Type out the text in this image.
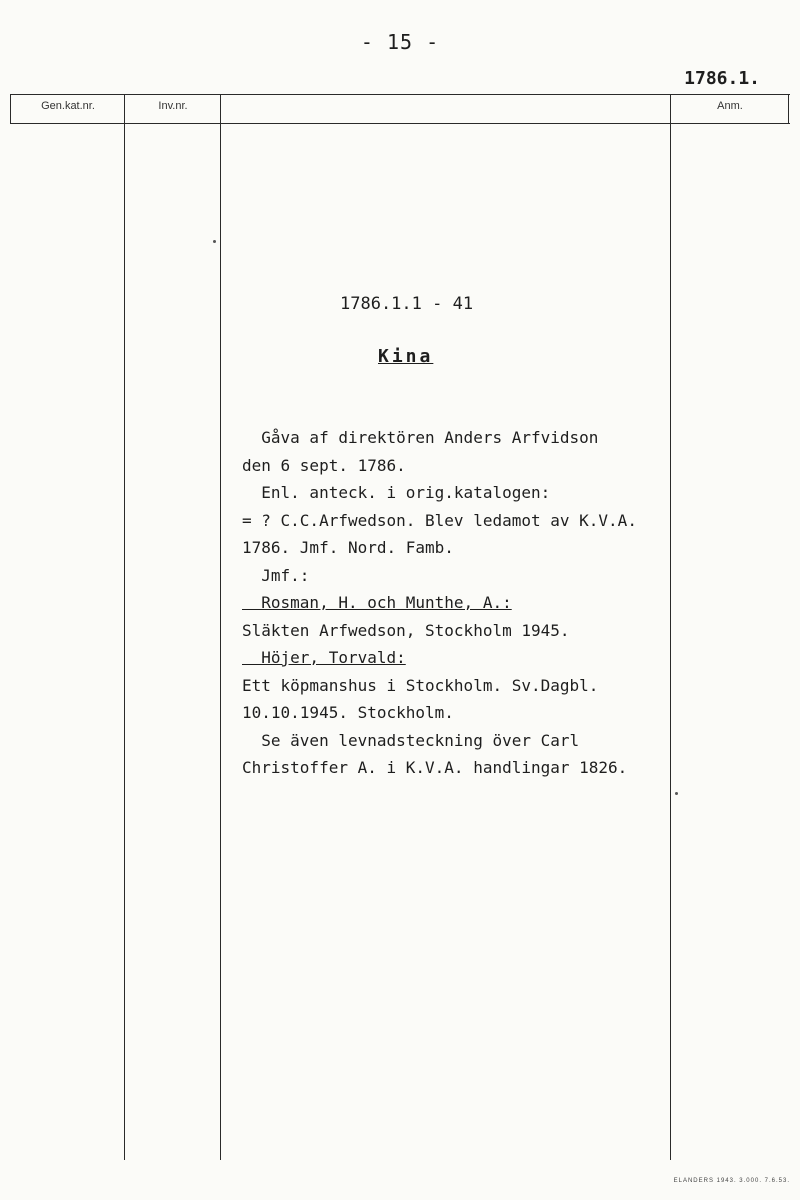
- 15 -
1786.1.
Gen.kat.nr.	Inv.nr.	Anm.
1786.1.1 - 41
Kina
Gåva af direktören Anders Arfvidson
den 6 sept. 1786.
Enl. anteck. i orig.katalogen:
= ? C.C.Arfwedson. Blev ledamot av K.V.A.
1786. Jmf. Nord. Famb.
Jmf.:
Rosman, H. och Munthe, A.:
Släkten Arfwedson, Stockholm 1945.
Höjer, Torvald:
Ett köpmanshus i Stockholm. Sv.Dagbl.
10.10.1945. Stockholm.
Se även levnadsteckning över Carl
Christoffer A. i K.V.A. handlingar 1826.
ELANDERS 1943. 3.000. 7.6.53.
